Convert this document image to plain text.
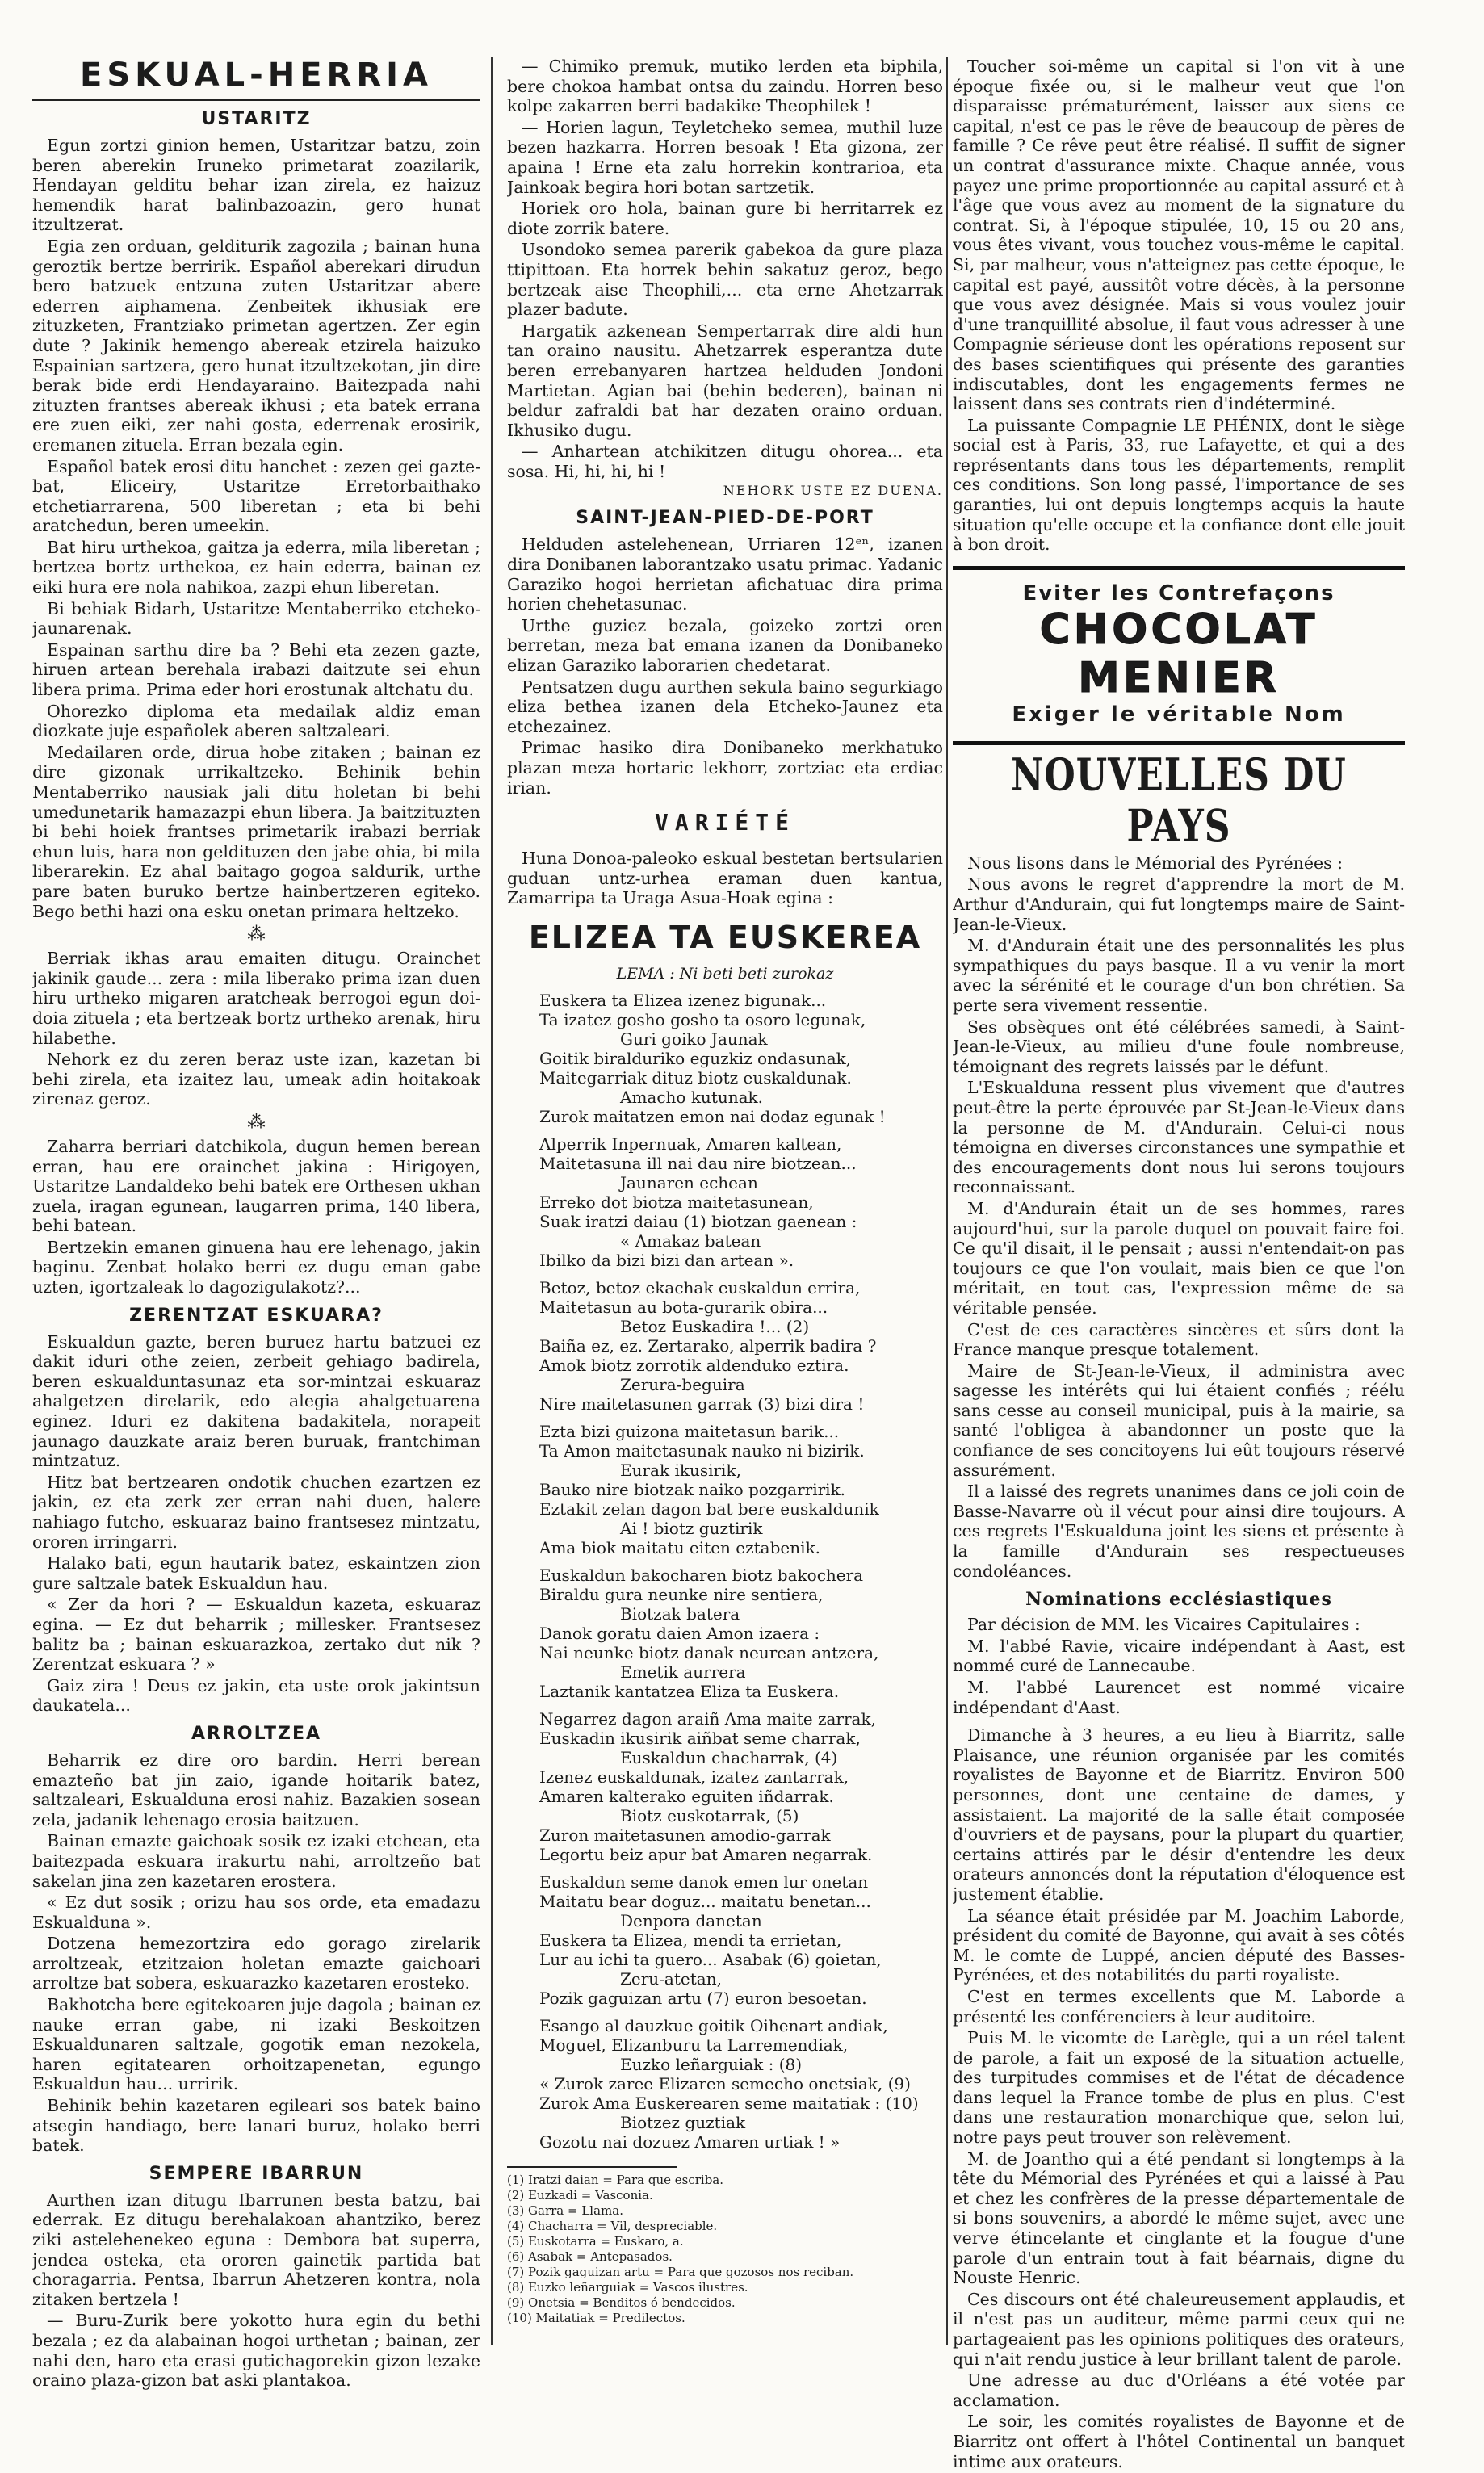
ESKUAL-HERRIA
USTARITZ

Egun zortzi ginion hemen, Ustaritzar batzu, zoin beren aberekin Iruneko primetarat zoazilarik, Hendayan gelditu behar izan zirela, ez haizuz hemendik harat balinbazoazin, gero hunat itzultzerat.

Egia zen orduan, gelditurik zagozila ; bainan huna geroztik bertze berririk. Español aberekari dirudun bero batzuek entzuna zuten Ustaritzar abere ederren aiphamena. Zenbeitek ikhusiak ere zituzketen, Frantziako primetan agertzen. Zer egin dute ? Jakinik hemengo abereak etzirela haizuko Espainian sartzera, gero hunat itzultzekotan, jin dire berak bide erdi Hendayaraino. Baitezpada nahi zituzten frantses abereak ikhusi ; eta batek errana ere zuen eiki, zer nahi gosta, ederrenak erosirik, eremanen zituela. Erran bezala egin.

Español batek erosi ditu hanchet : zezen gei gazte-bat, Eliceiry, Ustaritze Erretorbaithako etchetiarrarena, 500 liberetan ; eta bi behi aratchedun, beren umeekin.

Bat hiru urthekoa, gaitza ja ederra, mila liberetan ; bertzea bortz urthekoa, ez hain ederra, bainan ez eiki hura ere nola nahikoa, zazpi ehun liberetan.

Bi behiak Bidarh, Ustaritze Mentaberriko etcheko-jaunarenak.

Espainan sarthu dire ba ? Behi eta zezen gazte, hiruen artean berehala irabazi daitzute sei ehun libera prima. Prima eder hori erostunak altchatu du.

Ohorezko diploma eta medailak aldiz eman diozkate juje españolek aberen saltzaleari.

Medailaren orde, dirua hobe zitaken ; bainan ez dire gizonak urrikaltzeko. Behinik behin Mentaberriko nausiak jali ditu holetan bi behi umedunetarik hamazazpi ehun libera. Ja baitzituzten bi behi hoiek frantses primetarik irabazi berriak ehun luis, hara non geldituzen den jabe ohia, bi mila liberarekin. Ez ahal baitago gogoa saldurik, urthe pare baten buruko bertze hainbertzeren egiteko. Bego bethi hazi ona esku onetan primara heltzeko.

⁂

Berriak ikhas arau emaiten ditugu. Orainchet jakinik gaude... zera : mila liberako prima izan duen hiru urtheko migaren aratcheak berrogoi egun doi-doia zituela ; eta bertzeak bortz urtheko arenak, hiru hilabethe.

Nehork ez du zeren beraz uste izan, kazetan bi behi zirela, eta izaitez lau, umeak adin hoitakoak zirenaz geroz.

⁂

Zaharra berriari datchikola, dugun hemen berean erran, hau ere orainchet jakina : Hirigoyen, Ustaritze Landaldeko behi batek ere Orthesen ukhan zuela, iragan egunean, laugarren prima, 140 libera, behi batean.

Bertzekin emanen ginuena hau ere lehenago, jakin baginu. Zenbat holako berri ez dugu eman gabe uzten, igortzaleak lo dagozigulakotz?...

ZERENTZAT ESKUARA?

Eskualdun gazte, beren buruez hartu batzuei ez dakit iduri othe zeien, zerbeit gehiago badirela, beren eskualduntasunaz eta sor-mintzai eskuaraz ahalgetzen direlarik, edo alegia ahalgetuarena eginez. Iduri ez dakitena badakitela, norapeit jaunago dauzkate araiz beren buruak, frantchiman mintzatuz.

Hitz bat bertzearen ondotik chuchen ezartzen ez jakin, ez eta zerk zer erran nahi duen, halere nahiago futcho, eskuaraz baino frantsesez mintzatu, ororen irringarri.

Halako bati, egun hautarik batez, eskaintzen zion gure saltzale batek Eskualdun hau.

« Zer da hori ? — Eskualdun kazeta, eskuaraz egina. — Ez dut beharrik ; millesker. Frantsesez balitz ba ; bainan eskuarazkoa, zertako dut nik ? Zerentzat eskuara ? »

Gaiz zira ! Deus ez jakin, eta uste orok jakintsun daukatela...

ARROLTZEA

Beharrik ez dire oro bardin. Herri berean emazteño bat jin zaio, igande hoitarik batez, saltzaleari, Eskualduna erosi nahiz. Bazakien sosean zela, jadanik lehenago erosia baitzuen.

Bainan emazte gaichoak sosik ez izaki etchean, eta baitezpada eskuara irakurtu nahi, arroltzeño bat sakelan jina zen kazetaren erostera.

« Ez dut sosik ; orizu hau sos orde, eta emadazu Eskualduna ».

Dotzena hemezortzira edo gorago zirelarik arroltzeak, etzitzaion holetan emazte gaichoari arroltze bat sobera, eskuarazko kazetaren erosteko.

Bakhotcha bere egitekoaren juje dagola ; bainan ez nauke erran gabe, ni izaki Beskoitzen Eskualdunaren saltzale, gogotik eman nezokela, haren egitatearen orhoitzapenetan, egungo Eskualdun hau... urririk.

Behinik behin kazetaren egileari sos batek baino atsegin handiago, bere lanari buruz, holako berri batek.

SEMPERE IBARRUN

Aurthen izan ditugu Ibarrunen besta batzu, bai ederrak. Ez ditugu berehalakoan ahantziko, berez ziki astelehenekeo eguna : Dembora bat superra, jendea osteka, eta ororen gainetik partida bat choragarria. Pentsa, Ibarrun Ahetzeren kontra, nola zitaken bertzela !

— Buru-Zurik bere yokotto hura egin du bethi bezala ; ez da alabainan hogoi urthetan ; bainan, zer nahi den, haro eta erasi gutichagorekin gizon lezake oraino plaza-gizon bat aski plantakoa.

— Chimiko premuk, mutiko lerden eta biphila, bere chokoa hambat ontsa du zaindu. Horren beso kolpe zakarren berri badakike Theophilek !

— Horien lagun, Teyletcheko semea, muthil luze bezen hazkarra. Horren besoak ! Eta gizona, zer apaina ! Erne eta zalu horrekin kontrarioa, eta Jainkoak begira hori botan sartzetik.

Horiek oro hola, bainan gure bi herritarrek ez diote zorrik batere.

Usondoko semea parerik gabekoa da gure plaza ttipittoan. Eta horrek behin sakatuz geroz, bego bertzeak aise Theophili,... eta erne Ahetzarrak plazer badute.

Hargatik azkenean Sempertarrak dire aldi hun tan oraino nausitu. Ahetzarrek esperantza dute beren errebanyaren hartzea helduden Jondoni Martietan. Agian bai (behin bederen), bainan ni beldur zafraldi bat har dezaten oraino orduan. Ikhusiko dugu.

— Anhartean atchikitzen ditugu ohorea... eta sosa. Hi, hi, hi, hi !

NEHORK USTE EZ DUENA.
SAINT-JEAN-PIED-DE-PORT

Helduden astelehenean, Urriaren 12ᵉⁿ, izanen dira Donibanen laborantzako usatu primac. Yadanic Garaziko hogoi herrietan afichatuac dira prima horien chehetasunac.

Urthe guziez bezala, goizeko zortzi oren berretan, meza bat emana izanen da Donibaneko elizan Garaziko laborarien chedetarat.

Pentsatzen dugu aurthen sekula baino segurkiago eliza bethea izanen dela Etcheko-Jaunez eta etchezainez.

Primac hasiko dira Donibaneko merkhatuko plazan meza hortaric lekhorr, zortziac eta erdiac irian.

VARIÉTÉ

Huna Donoa-paleoko eskual bestetan bertsularien guduan untz-urhea eraman duen kantua, Zamarripa ta Uraga Asua-Hoak egina :

ELIZEA TA EUSKEREA
LEMA : Ni beti beti zurokaz
Euskera ta Elizea izenez bigunak...
Ta izatez gosho gosho ta osoro legunak,
Guri goiko Jaunak
Goitik biralduriko eguzkiz ondasunak,
Maitegarriak dituz biotz euskaldunak.
Amacho kutunak.
Zurok maitatzen emon nai dodaz egunak !
Alperrik Inpernuak, Amaren kaltean,
Maitetasuna ill nai dau nire biotzean...
Jaunaren echean
Erreko dot biotza maitetasunean,
Suak iratzi daiau (1) biotzan gaenean :
« Amakaz batean
Ibilko da bizi bizi dan artean ».
Betoz, betoz ekachak euskaldun errira,
Maitetasun au bota-gurarik obira...
Betoz Euskadira !... (2)
Baiña ez, ez. Zertarako, alperrik badira ?
Amok biotz zorrotik aldenduko eztira.
Zerura-beguira
Nire maitetasunen garrak (3) bizi dira !
Ezta bizi guizona maitetasun barik...
Ta Amon maitetasunak nauko ni bizirik.
Eurak ikusirik,
Bauko nire biotzak naiko pozgarririk.
Eztakit zelan dagon bat bere euskaldunik
Ai ! biotz guztirik
Ama biok maitatu eiten eztabenik.
Euskaldun bakocharen biotz bakochera
Biraldu gura neunke nire sentiera,
Biotzak batera
Danok goratu daien Amon izaera :
Nai neunke biotz danak neurean antzera,
Emetik aurrera
Laztanik kantatzea Eliza ta Euskera.
Negarrez dagon araiñ Ama maite zarrak,
Euskadin ikusirik aiñbat seme charrak,
Euskaldun chacharrak, (4)
Izenez euskaldunak, izatez zantarrak,
Amaren kalterako eguiten iñdarrak.
Biotz euskotarrak, (5)
Zuron maitetasunen amodio-garrak
Legortu beiz apur bat Amaren negarrak.
Euskaldun seme danok emen lur onetan
Maitatu bear doguz... maitatu benetan...
Denpora danetan
Euskera ta Elizea, mendi ta errietan,
Lur au ichi ta guero... Asabak (6) goietan,
Zeru-atetan,
Pozik gaguizan artu (7) euron besoetan.
Esango al dauzkue goitik Oihenart andiak,
Moguel, Elizanburu ta Larremendiak,
Euzko leñarguiak : (8)
« Zurok zaree Elizaren semecho onetsiak, (9)
Zurok Ama Euskerearen seme maitatiak : (10)
Biotzez guztiak
Gozotu nai dozuez Amaren urtiak ! »
(1) Iratzi daian = Para que escriba.
(2) Euzkadi = Vasconia.
(3) Garra = Llama.
(4) Chacharra = Vil, despreciable.
(5) Euskotarra = Euskaro, a.
(6) Asabak = Antepasados.
(7) Pozik gaguizan artu = Para que gozosos nos reciban.
(8) Euzko leñarguiak = Vascos ilustres.
(9) Onetsia = Benditos ó bendecidos.
(10) Maitatiak = Predilectos.

Toucher soi-même un capital si l'on vit à une époque fixée ou, si le malheur veut que l'on disparaisse prématurément, laisser aux siens ce capital, n'est ce pas le rêve de beaucoup de pères de famille ? Ce rêve peut être réalisé. Il suffit de signer un contrat d'assurance mixte. Chaque année, vous payez une prime proportionnée au capital assuré et à l'âge que vous avez au moment de la signature du contrat. Si, à l'époque stipulée, 10, 15 ou 20 ans, vous êtes vivant, vous touchez vous-même le capital. Si, par malheur, vous n'atteignez pas cette époque, le capital est payé, aussitôt votre décès, à la personne que vous avez désignée. Mais si vous voulez jouir d'une tranquillité absolue, il faut vous adresser à une Compagnie sérieuse dont les opérations reposent sur des bases scientifiques qui présente des garanties indiscutables, dont les engagements fermes ne laissent dans ses contrats rien d'indéterminé.

La puissante Compagnie LE PHÉNIX, dont le siège social est à Paris, 33, rue Lafayette, et qui a des représentants dans tous les départements, remplit ces conditions. Son long passé, l'importance de ses garanties, lui ont depuis longtemps acquis la haute situation qu'elle occupe et la confiance dont elle jouit à bon droit.

Eviter les Contrefaçons
CHOCOLAT
MENIER
Exiger le véritable Nom
NOUVELLES DU PAYS

Nous lisons dans le Mémorial des Pyrénées :

Nous avons le regret d'apprendre la mort de M. Arthur d'Andurain, qui fut longtemps maire de Saint-Jean-le-Vieux.

M. d'Andurain était une des personnalités les plus sympathiques du pays basque. Il a vu venir la mort avec la sérénité et le courage d'un bon chrétien. Sa perte sera vivement ressentie.

Ses obsèques ont été célébrées samedi, à Saint-Jean-le-Vieux, au milieu d'une foule nombreuse, témoignant des regrets laissés par le défunt.

L'Eskualduna ressent plus vivement que d'autres peut-être la perte éprouvée par St-Jean-le-Vieux dans la personne de M. d'Andurain. Celui-ci nous témoigna en diverses circonstances une sympathie et des encouragements dont nous lui serons toujours reconnaissant.

M. d'Andurain était un de ses hommes, rares aujourd'hui, sur la parole duquel on pouvait faire foi. Ce qu'il disait, il le pensait ; aussi n'entendait-on pas toujours ce que l'on voulait, mais bien ce que l'on méritait, en tout cas, l'expression même de sa véritable pensée.

C'est de ces caractères sincères et sûrs dont la France manque presque totalement.

Maire de St-Jean-le-Vieux, il administra avec sagesse les intérêts qui lui étaient confiés ; réélu sans cesse au conseil municipal, puis à la mairie, sa santé l'obligea à abandonner un poste que la confiance de ses concitoyens lui eût toujours réservé assurément.

Il a laissé des regrets unanimes dans ce joli coin de Basse-Navarre où il vécut pour ainsi dire toujours. A ces regrets l'Eskualduna joint les siens et présente à la famille d'Andurain ses respectueuses condoléances.

Nominations ecclésiastiques

Par décision de MM. les Vicaires Capitulaires :

M. l'abbé Ravie, vicaire indépendant à Aast, est nommé curé de Lannecaube.

M. l'abbé Laurencet est nommé vicaire indépendant d'Aast.

Dimanche à 3 heures, a eu lieu à Biarritz, salle Plaisance, une réunion organisée par les comités royalistes de Bayonne et de Biarritz. Environ 500 personnes, dont une centaine de dames, y assistaient. La majorité de la salle était composée d'ouvriers et de paysans, pour la plupart du quartier, certains attirés par le désir d'entendre les deux orateurs annoncés dont la réputation d'éloquence est justement établie.

La séance était présidée par M. Joachim Laborde, président du comité de Bayonne, qui avait à ses côtés M. le comte de Luppé, ancien député des Basses-Pyrénées, et des notabilités du parti royaliste.

C'est en termes excellents que M. Laborde a présenté les conférenciers à leur auditoire.

Puis M. le vicomte de Larègle, qui a un réel talent de parole, a fait un exposé de la situation actuelle, des turpitudes commises et de l'état de décadence dans lequel la France tombe de plus en plus. C'est dans une restauration monarchique que, selon lui, notre pays peut trouver son relèvement.

M. de Joantho qui a été pendant si longtemps à la tête du Mémorial des Pyrénées et qui a laissé à Pau et chez les confrères de la presse départementale de si bons souvenirs, a abordé le même sujet, avec une verve étincelante et cinglante et la fougue d'une parole d'un entrain tout à fait béarnais, digne du Nouste Henric.

Ces discours ont été chaleureusement applaudis, et il n'est pas un auditeur, même parmi ceux qui ne partageaient pas les opinions politiques des orateurs, qui n'ait rendu justice à leur brillant talent de parole.

Une adresse au duc d'Orléans a été votée par acclamation.

Le soir, les comités royalistes de Bayonne et de Biarritz ont offert à l'hôtel Continental un banquet intime aux orateurs.
